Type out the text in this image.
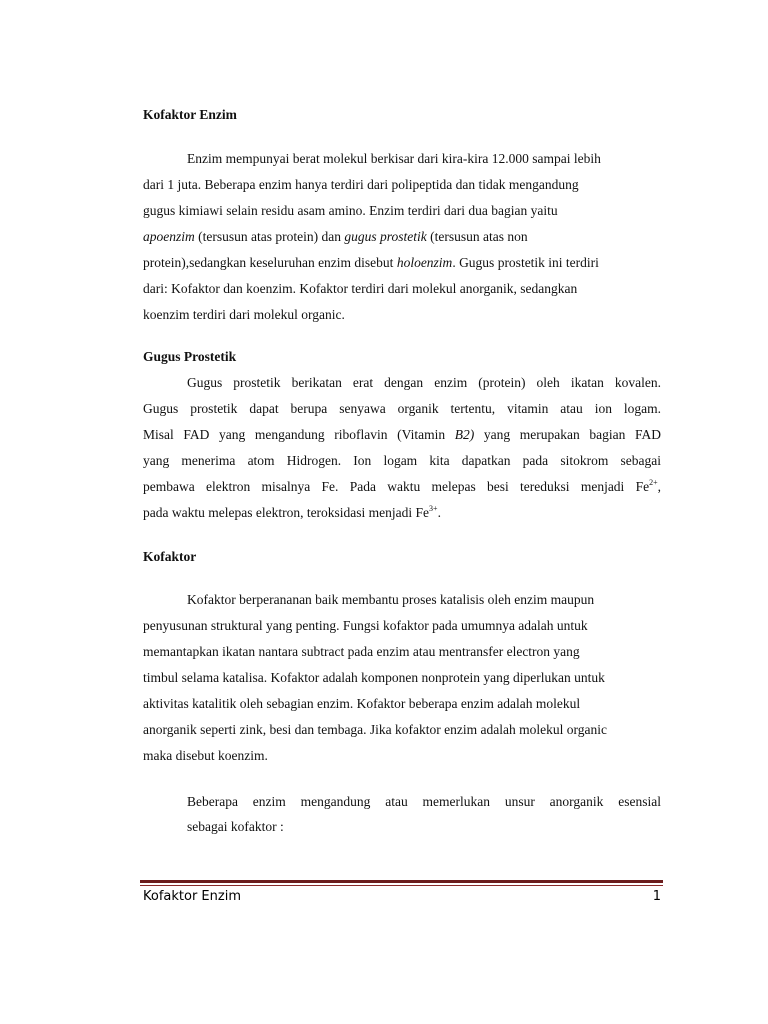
Kofaktor Enzim
Enzim mempunyai berat molekul berkisar dari kira-kira 12.000 sampai lebih
dari 1 juta. Beberapa enzim hanya terdiri dari polipeptida dan tidak mengandung
gugus kimiawi selain residu asam amino. Enzim terdiri dari dua bagian yaitu
apoenzim (tersusun atas protein) dan gugus prostetik (tersusun atas non
protein),sedangkan keseluruhan enzim disebut holoenzim. Gugus prostetik ini terdiri
dari: Kofaktor dan koenzim. Kofaktor terdiri dari molekul anorganik, sedangkan
koenzim terdiri dari molekul organic.
Gugus Prostetik
Gugus prostetik berikatan erat dengan enzim (protein) oleh ikatan kovalen.
Gugus prostetik dapat berupa senyawa organik tertentu, vitamin atau ion logam.
Misal FAD yang mengandung riboflavin (Vitamin B2) yang merupakan bagian FAD
yang menerima atom Hidrogen. Ion logam kita dapatkan pada sitokrom sebagai
pembawa elektron misalnya Fe. Pada waktu melepas besi tereduksi menjadi $Fe^{2+}$,
pada waktu melepas elektron, teroksidasi menjadi $Fe^{3+}$.
Kofaktor
Kofaktor berperananan baik membantu proses katalisis oleh enzim maupun
penyusunan struktural yang penting. Fungsi kofaktor pada umumnya adalah untuk
memantapkan ikatan nantara subtract pada enzim atau mentransfer electron yang
timbul selama katalisa. Kofaktor adalah komponen nonprotein yang diperlukan untuk
aktivitas katalitik oleh sebagian enzim. Kofaktor beberapa enzim adalah molekul
anorganik seperti zink, besi dan tembaga. Jika kofaktor enzim adalah molekul organic
maka disebut koenzim.
Beberapa enzim mengandung atau memerlukan unsur anorganik esensial
sebagai kofaktor :
Kofaktor Enzim	1
